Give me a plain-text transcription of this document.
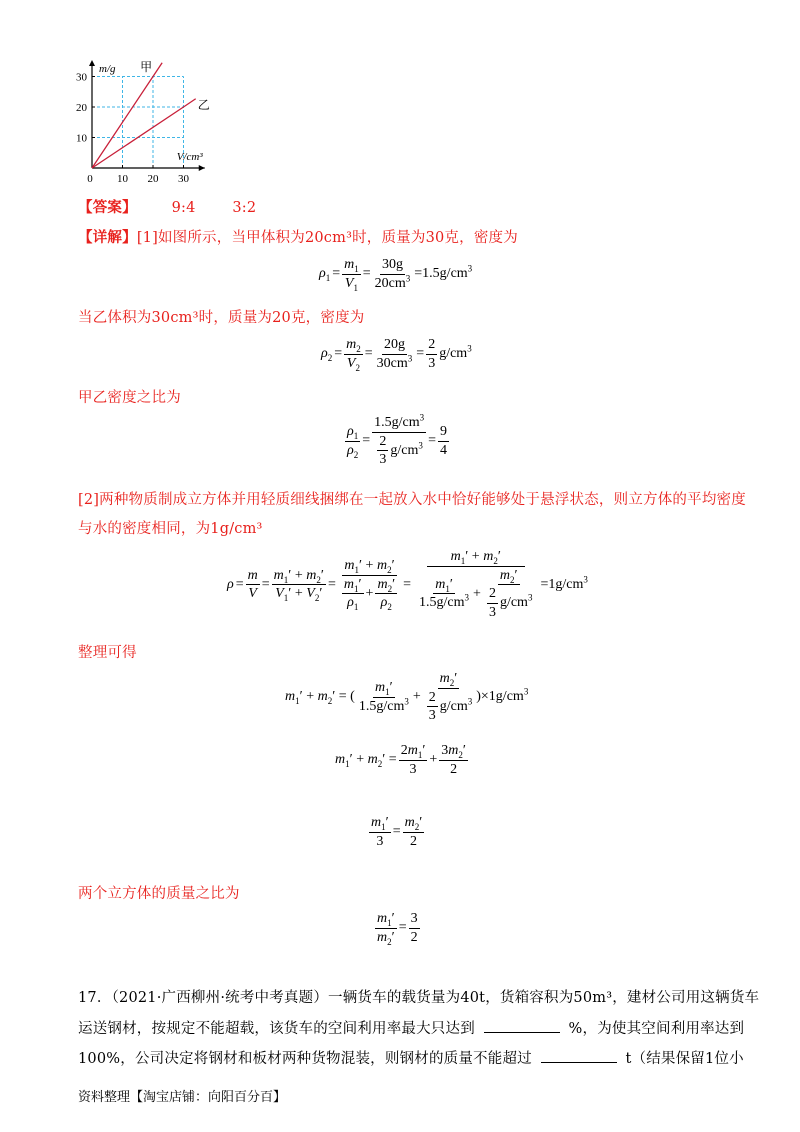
0 10 20 30
10
20
30
m/g
V/cm³
甲
乙
【答案】 9:4	3:2
【详解】[1]如图所示，当甲体积为20cm³时，质量为30克，密度为
$\rho_1 = \frac{m_1}{V_1} = \frac{30g}{20cm^3} =1.5g/cm^3$
当乙体积为30cm³时，质量为20克，密度为
$\rho_2 = \frac{m_2}{V_2} = \frac{20g}{30cm^3} = \frac{2}{3} g/cm^3$
甲乙密度之比为
$\frac{\rho_1}{\rho_2} = \frac{1.5g/cm^3}{\frac{2}{3} g/cm^3} = \frac{9}{4}$
[2]两种物质制成立方体并用轻质细线捆绑在一起放入水中恰好能够处于悬浮状态，则立方体的平均密度
与水的密度相同，为1g/cm³
$\rho = \frac{m}{V} = \frac{m_1' + m_2'}{V_1' + V_2'} = \frac{m_1' + m_2'}{\frac{m_1'}{\rho_1} + \frac{m_2'}{\rho_2}} = \frac{m_1' + m_2'}{\frac{m_1'}{1.5g/cm^3} + \frac{m_2'}{\frac{2}{3} g/cm^3}} =1g/cm^3$
整理可得
$m_1' + m_2'$ = ( $\frac{m_1'}{1.5g/cm^3} + \frac{m_2'}{\frac{2}{3} g/cm^3} )\times 1g/cm^3$
$m_1' + m_2' = \frac{2m_1'}{3} + \frac{3m_2'}{2}$
$\frac{m_1'}{3} = \frac{m_2'}{2}$
两个立方体的质量之比为
$\frac{m_1'}{m_2'} = \frac{3}{2}$
17．（2021·广西柳州·统考中考真题）一辆货车的载货量为40t，货箱容积为50m³，建材公司用这辆货车
运送钢材，按规定不能超载，该货车的空间利用率最大只达到	%，为使其空间利用率达到
100%，公司决定将钢材和板材两种货物混装，则钢材的质量不能超过	t（结果保留1位小
资料整理【淘宝店铺：向阳百分百】
